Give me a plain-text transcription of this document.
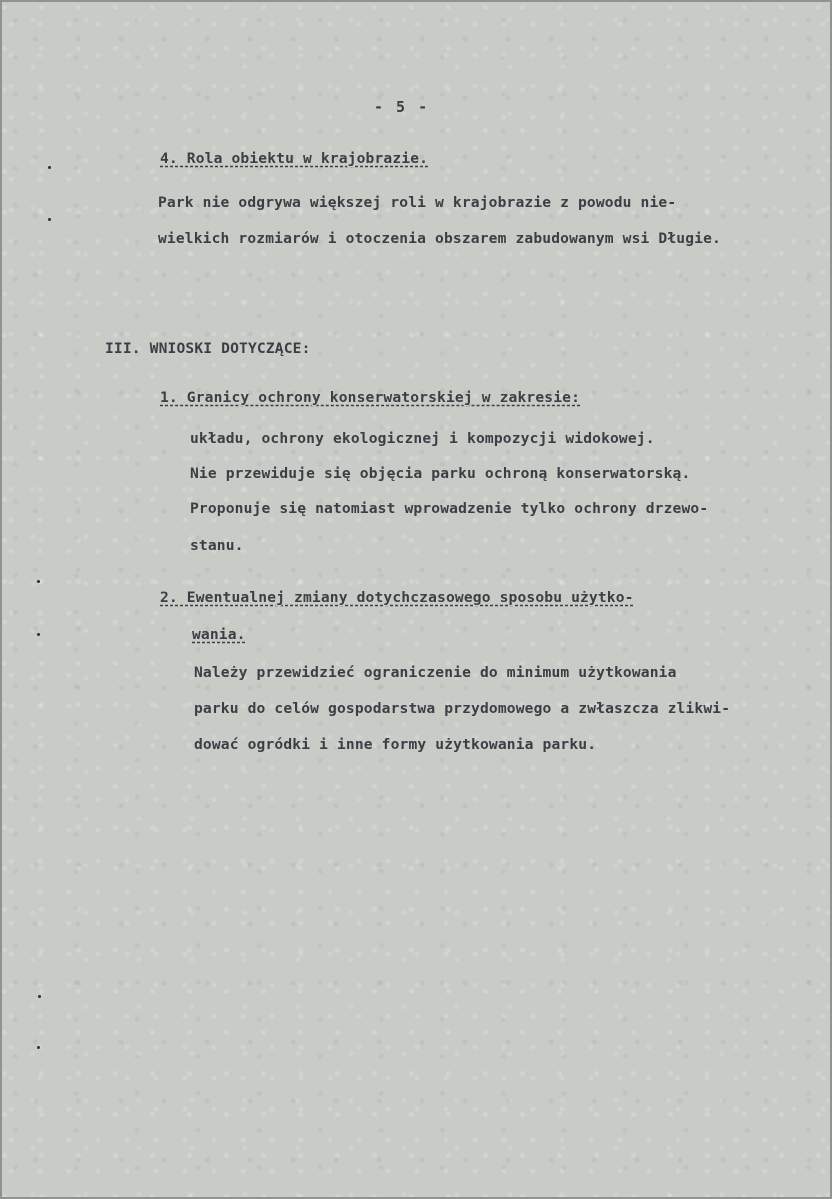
- 5 -
4. Rola obiektu w krajobrazie.
Park nie odgrywa większej roli w krajobrazie z powodu nie-
wielkich rozmiarów i otoczenia obszarem zabudowanym wsi Długie.
III. WNIOSKI DOTYCZĄCE:
1. Granicy ochrony konserwatorskiej w zakresie:
układu, ochrony ekologicznej i kompozycji widokowej.
Nie przewiduje się objęcia parku ochroną konserwatorską.
Proponuje się natomiast wprowadzenie tylko ochrony drzewo-
stanu.
2. Ewentualnej zmiany dotychczasowego sposobu użytko-
wania.
Należy przewidzieć ograniczenie do minimum użytkowania
parku do celów gospodarstwa przydomowego a zwłaszcza zlikwi-
dować ogródki i inne formy użytkowania parku.
